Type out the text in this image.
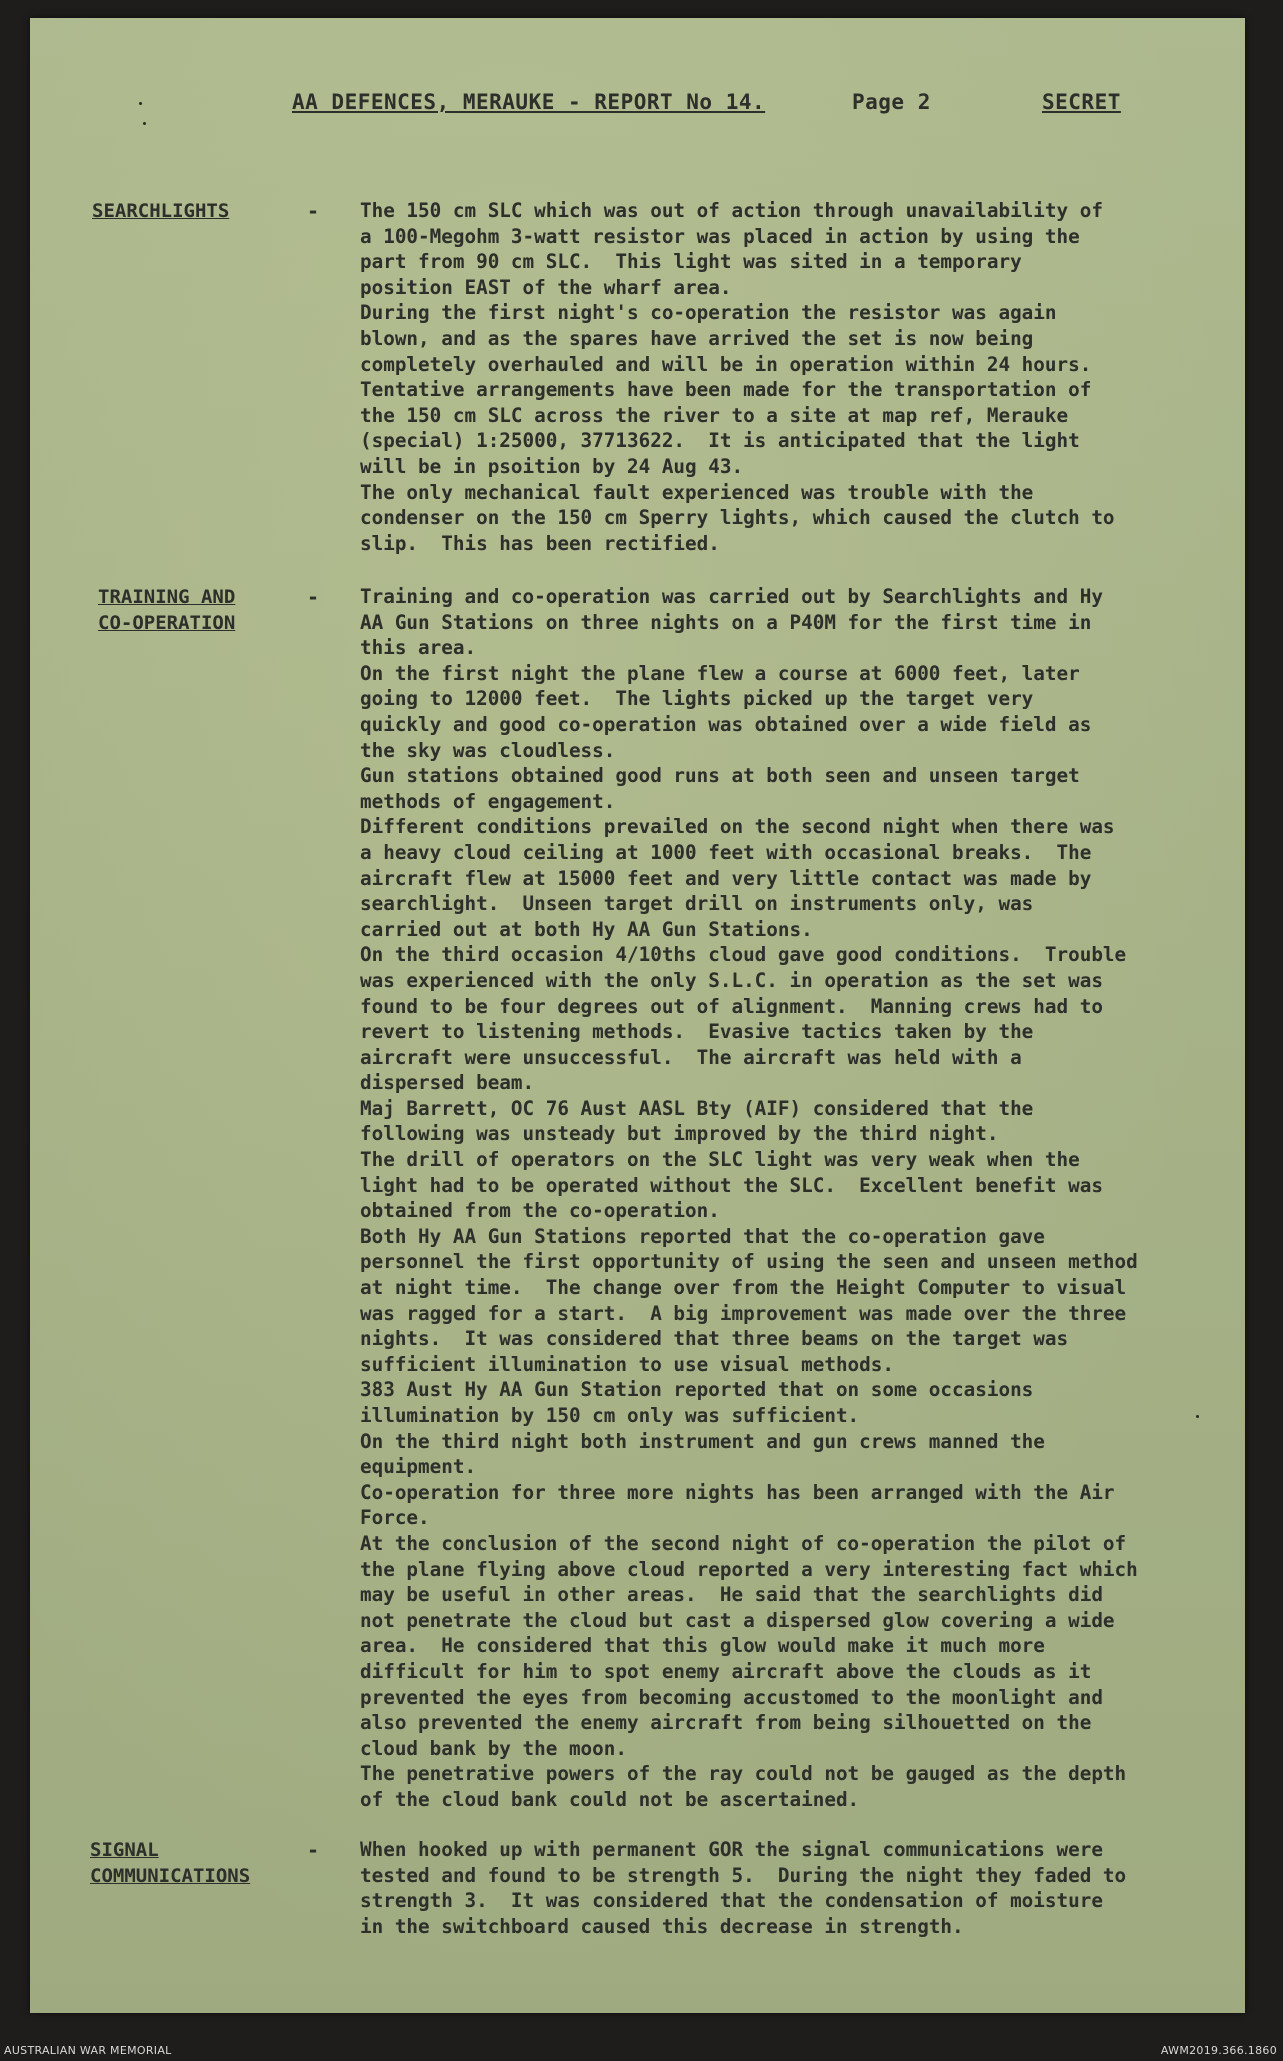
AA DEFENCES, MERAUKE - REPORT No 14.	Page 2	SECRET
SEARCHLIGHTS	- The 150 cm SLC which was out of action through unavailability of
a 100-Megohm 3-watt resistor was placed in action by using the
part from 90 cm SLC.  This light was sited in a temporary
position EAST of the wharf area.
During the first night's co-operation the resistor was again
blown, and as the spares have arrived the set is now being
completely overhauled and will be in operation within 24 hours.
Tentative arrangements have been made for the transportation of
the 150 cm SLC across the river to a site at map ref, Merauke
(special) 1:25000, 37713622.  It is anticipated that the light
will be in psoition by 24 Aug 43.
The only mechanical fault experienced was trouble with the
condenser on the 150 cm Sperry lights, which caused the clutch to
slip.  This has been rectified.
TRAINING AND
CO-OPERATION
- Training and co-operation was carried out by Searchlights and Hy
AA Gun Stations on three nights on a P40M for the first time in
this area.
On the first night the plane flew a course at 6000 feet, later
going to 12000 feet.  The lights picked up the target very
quickly and good co-operation was obtained over a wide field as
the sky was cloudless.
Gun stations obtained good runs at both seen and unseen target
methods of engagement.
Different conditions prevailed on the second night when there was
a heavy cloud ceiling at 1000 feet with occasional breaks.  The
aircraft flew at 15000 feet and very little contact was made by
searchlight.  Unseen target drill on instruments only, was
carried out at both Hy AA Gun Stations.
On the third occasion 4/10ths cloud gave good conditions.  Trouble
was experienced with the only S.L.C. in operation as the set was
found to be four degrees out of alignment.  Manning crews had to
revert to listening methods.  Evasive tactics taken by the
aircraft were unsuccessful.  The aircraft was held with a
dispersed beam.
Maj Barrett, OC 76 Aust AASL Bty (AIF) considered that the
following was unsteady but improved by the third night.
The drill of operators on the SLC light was very weak when the
light had to be operated without the SLC.  Excellent benefit was
obtained from the co-operation.
Both Hy AA Gun Stations reported that the co-operation gave
personnel the first opportunity of using the seen and unseen method
at night time.  The change over from the Height Computer to visual
was ragged for a start.  A big improvement was made over the three
nights.  It was considered that three beams on the target was
sufficient illumination to use visual methods.
383 Aust Hy AA Gun Station reported that on some occasions
illumination by 150 cm only was sufficient.
On the third night both instrument and gun crews manned the
equipment.
Co-operation for three more nights has been arranged with the Air
Force.
At the conclusion of the second night of co-operation the pilot of
the plane flying above cloud reported a very interesting fact which
may be useful in other areas.  He said that the searchlights did
not penetrate the cloud but cast a dispersed glow covering a wide
area.  He considered that this glow would make it much more
difficult for him to spot enemy aircraft above the clouds as it
prevented the eyes from becoming accustomed to the moonlight and
also prevented the enemy aircraft from being silhouetted on the
cloud bank by the moon.
The penetrative powers of the ray could not be gauged as the depth
of the cloud bank could not be ascertained.
SIGNAL
COMMUNICATIONS
- When hooked up with permanent GOR the signal communications were
tested and found to be strength 5.  During the night they faded to
strength 3.  It was considered that the condensation of moisture
in the switchboard caused this decrease in strength.
AUSTRALIAN WAR MEMORIAL	AWM2019.366.1860
